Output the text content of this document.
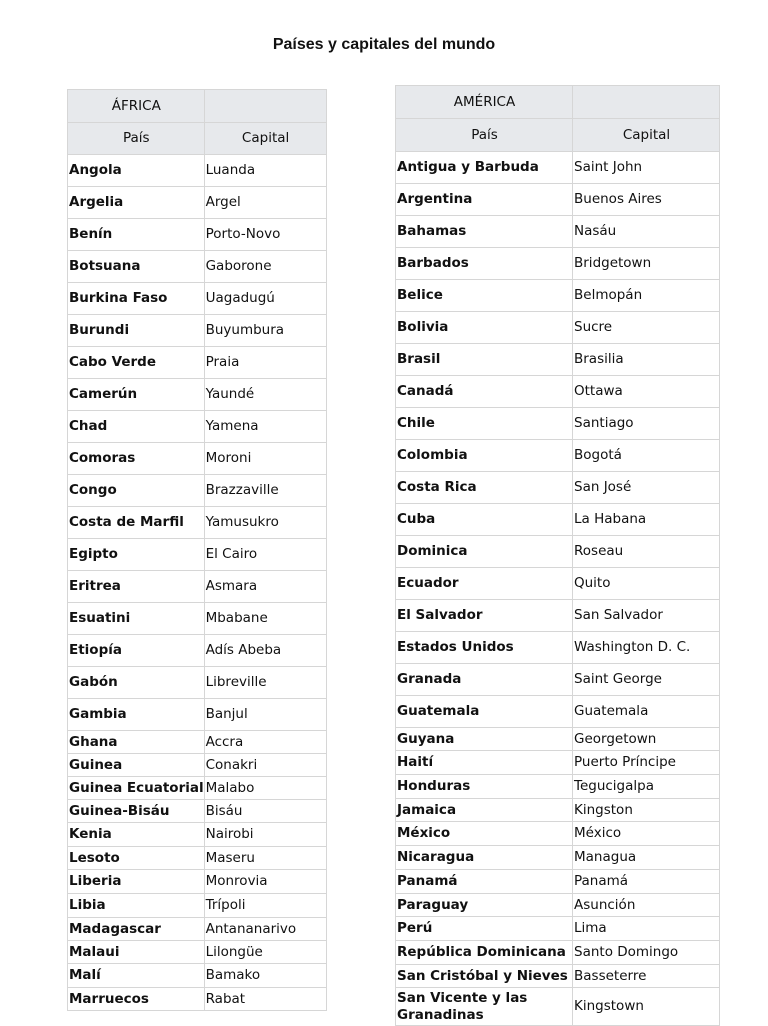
Países y capitales del mundo
ÁFRICA	
País	Capital
Angola	Luanda
Argelia	Argel
Benín	Porto-Novo
Botsuana	Gaborone
Burkina Faso	Uagadugú
Burundi	Buyumbura
Cabo Verde	Praia
Camerún	Yaundé
Chad	Yamena
Comoras	Moroni
Congo	Brazzaville
Costa de Marfil	Yamusukro
Egipto	El Cairo
Eritrea	Asmara
Esuatini	Mbabane
Etiopía	Adís Abeba
Gabón	Libreville
Gambia	Banjul
Ghana	Accra
Guinea	Conakri
Guinea Ecuatorial	Malabo
Guinea-Bisáu	Bisáu
Kenia	Nairobi
Lesoto	Maseru
Liberia	Monrovia
Libia	Trípoli
Madagascar	Antananarivo
Malaui	Lilongüe
Malí	Bamako
Marruecos	Rabat
AMÉRICA	
País	Capital
Antigua y Barbuda	Saint John
Argentina	Buenos Aires
Bahamas	Nasáu
Barbados	Bridgetown
Belice	Belmopán
Bolivia	Sucre
Brasil	Brasilia
Canadá	Ottawa
Chile	Santiago
Colombia	Bogotá
Costa Rica	San José
Cuba	La Habana
Dominica	Roseau
Ecuador	Quito
El Salvador	San Salvador
Estados Unidos	Washington D. C.
Granada	Saint George
Guatemala	Guatemala
Guyana	Georgetown
Haití	Puerto Príncipe
Honduras	Tegucigalpa
Jamaica	Kingston
México	México
Nicaragua	Managua
Panamá	Panamá
Paraguay	Asunción
Perú	Lima
República Dominicana	Santo Domingo
San Cristóbal y Nieves	Basseterre
San Vicente y las Granadinas	Kingstown
